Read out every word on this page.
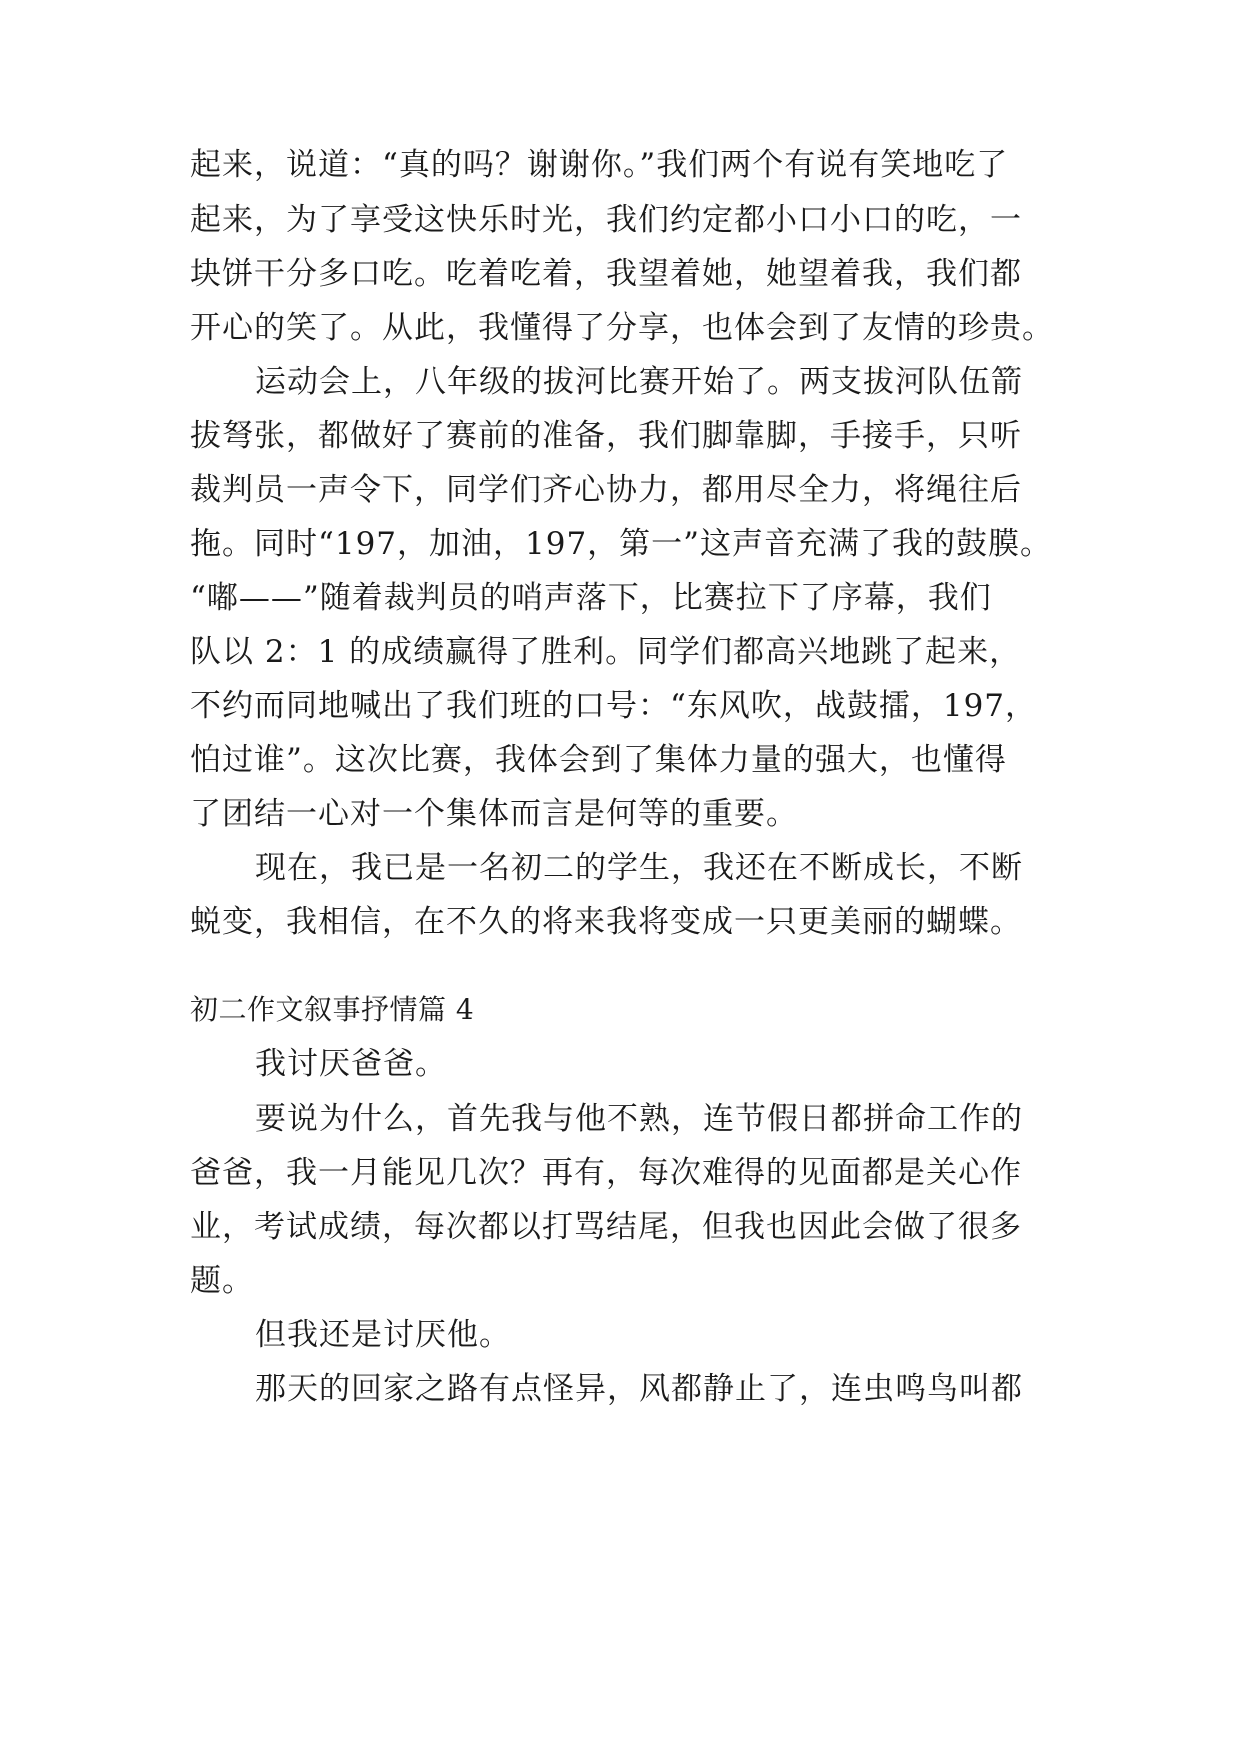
起来，说道：“真的吗？谢谢你。”我们两个有说有笑地吃了
起来，为了享受这快乐时光，我们约定都小口小口的吃，一
块饼干分多口吃。吃着吃着，我望着她，她望着我，我们都
开心的笑了。从此，我懂得了分享，也体会到了友情的珍贵。
运动会上，八年级的拔河比赛开始了。两支拔河队伍箭
拔弩张，都做好了赛前的准备，我们脚靠脚，手接手，只听
裁判员一声令下，同学们齐心协力，都用尽全力，将绳往后
拖。同时“197，加油，197，第一”这声音充满了我的鼓膜。
“嘟——”随着裁判员的哨声落下，比赛拉下了序幕，我们
队以 2：1 的成绩赢得了胜利。同学们都高兴地跳了起来，
不约而同地喊出了我们班的口号：“东风吹，战鼓擂，197，
怕过谁”。这次比赛，我体会到了集体力量的强大，也懂得
了团结一心对一个集体而言是何等的重要。
现在，我已是一名初二的学生，我还在不断成长，不断
蜕变，我相信，在不久的将来我将变成一只更美丽的蝴蝶。
初二作文叙事抒情篇 4
我讨厌爸爸。
要说为什么，首先我与他不熟，连节假日都拼命工作的
爸爸，我一月能见几次？再有，每次难得的见面都是关心作
业，考试成绩，每次都以打骂结尾，但我也因此会做了很多
题。
但我还是讨厌他。
那天的回家之路有点怪异，风都静止了，连虫鸣鸟叫都
